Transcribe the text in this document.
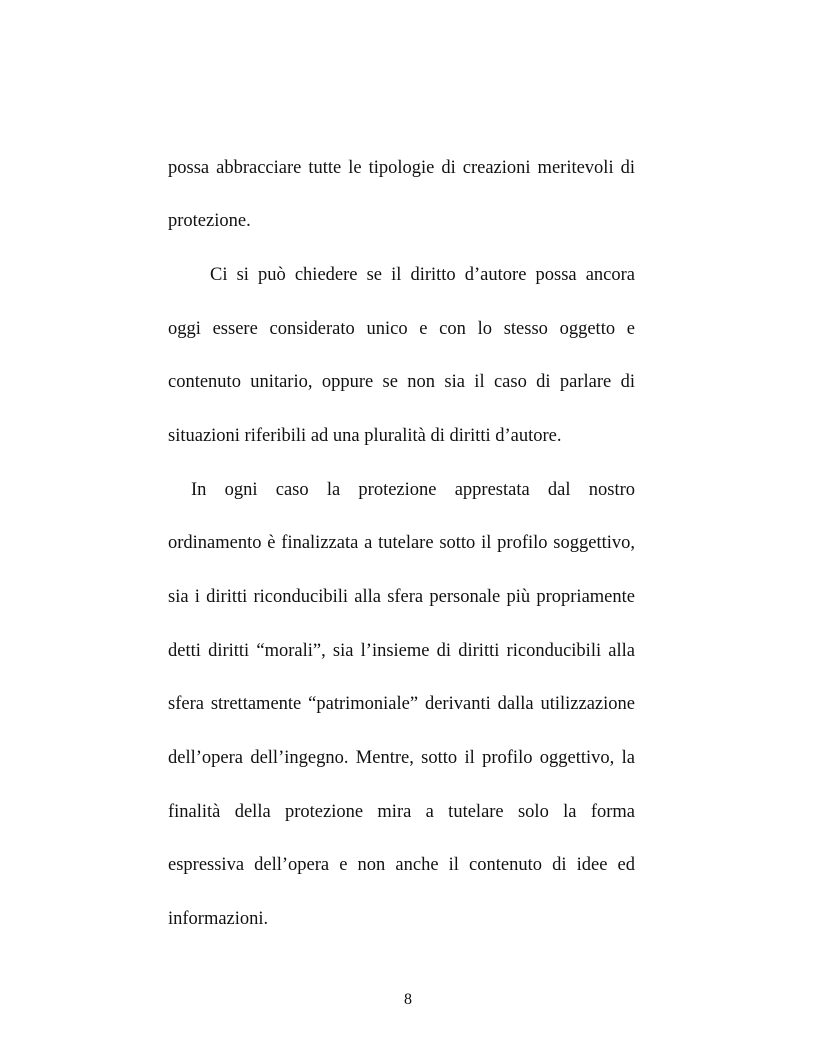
possa abbracciare tutte le tipologie di creazioni meritevoli di
protezione.
Ci si può chiedere se il diritto d’autore possa ancora
oggi essere considerato unico e con lo stesso oggetto e
contenuto unitario, oppure se non sia il caso di parlare di
situazioni riferibili ad una pluralità di diritti d’autore.
In ogni caso la protezione apprestata dal nostro
ordinamento è finalizzata a tutelare sotto il profilo soggettivo,
sia i diritti riconducibili alla sfera personale più propriamente
detti diritti “morali”, sia l’insieme di diritti riconducibili alla
sfera strettamente “patrimoniale” derivanti dalla utilizzazione
dell’opera dell’ingegno. Mentre, sotto il profilo oggettivo, la
finalità della protezione mira a tutelare solo la forma
espressiva dell’opera e non anche il contenuto di idee ed
informazioni.
8
